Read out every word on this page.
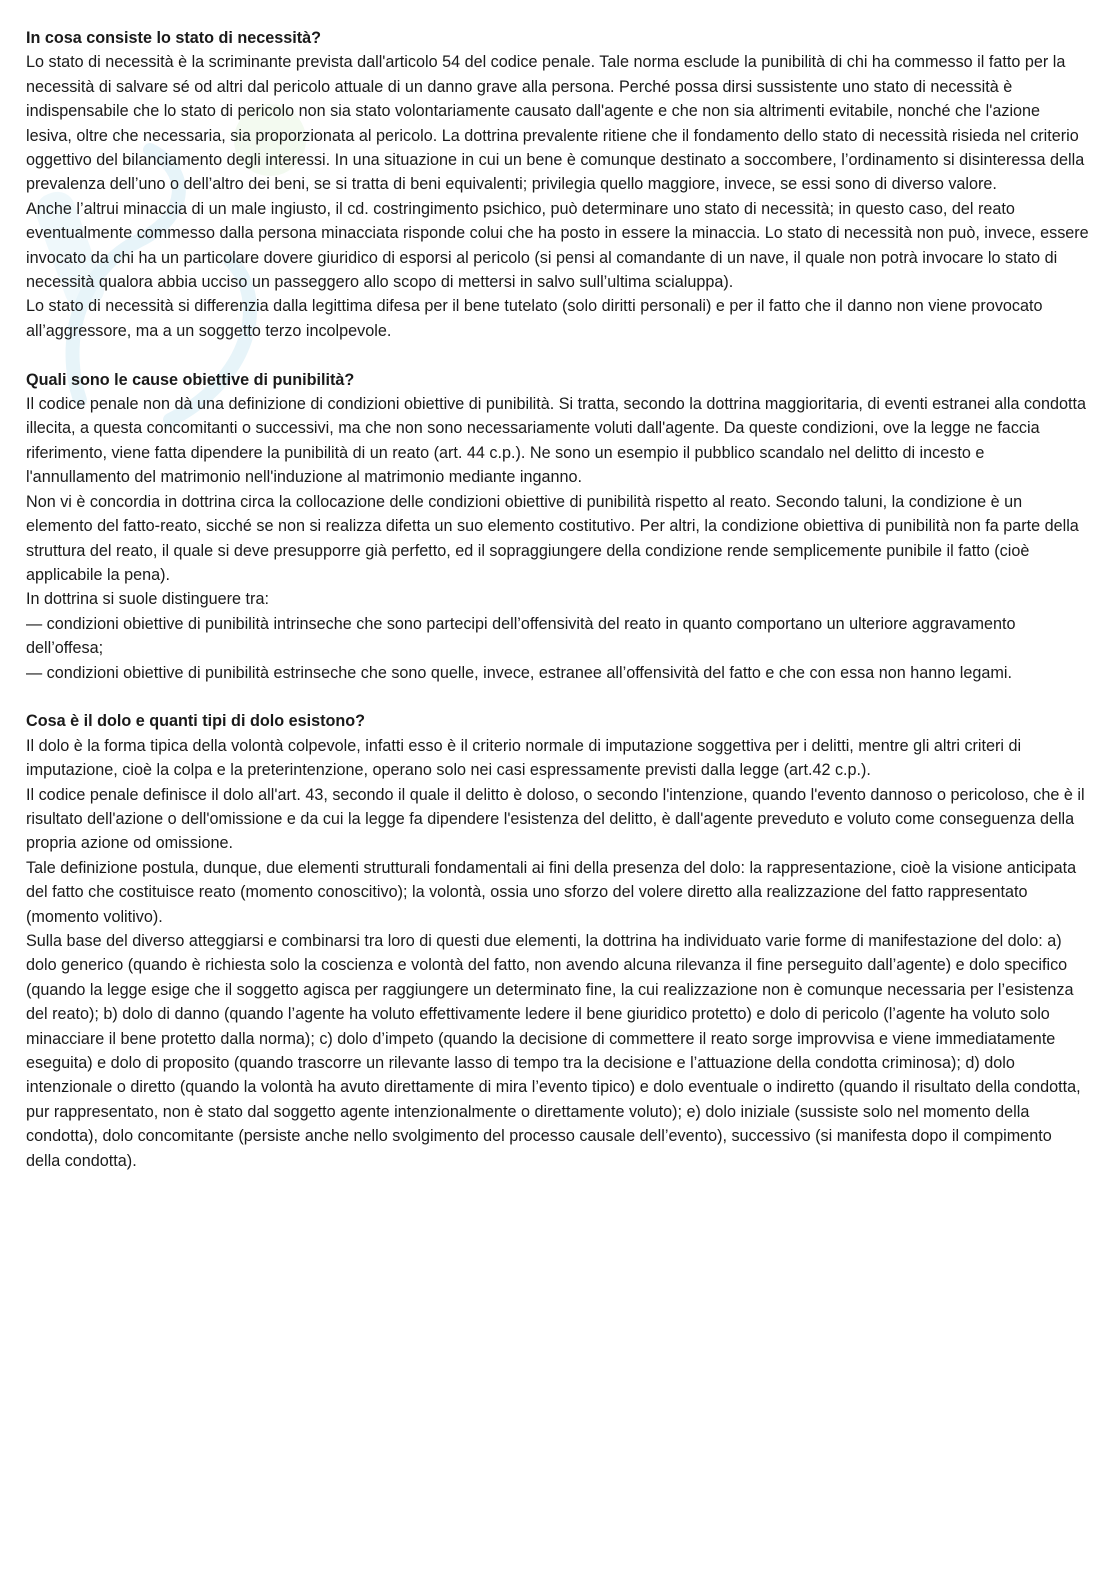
In cosa consiste lo stato di necessità?

Lo stato di necessità è la scriminante prevista dall'articolo 54 del codice penale. Tale norma esclude la punibilità di chi ha commesso il fatto per la necessità di salvare sé od altri dal pericolo attuale di un danno grave alla persona. Perché possa dirsi sussistente uno stato di necessità è indispensabile che lo stato di pericolo non sia stato volontariamente causato dall'agente e che non sia altrimenti evitabile, nonché che l'azione lesiva, oltre che necessaria, sia proporzionata al pericolo. La dottrina prevalente ritiene che il fondamento dello stato di necessità risieda nel criterio oggettivo del bilanciamento degli interessi. In una situazione in cui un bene è comunque destinato a soccombere, l’ordinamento si disinteressa della prevalenza dell’uno o dell’altro dei beni, se si tratta di beni equivalenti; privilegia quello maggiore, invece, se essi sono di diverso valore.

Anche l’altrui minaccia di un male ingiusto, il cd. costringimento psichico, può determinare uno stato di necessità; in questo caso, del reato eventualmente commesso dalla persona minacciata risponde colui che ha posto in essere la minaccia. Lo stato di necessità non può, invece, essere invocato da chi ha un particolare dovere giuridico di esporsi al pericolo (si pensi al comandante di un nave, il quale non potrà invocare lo stato di necessità qualora abbia ucciso un passeggero allo scopo di mettersi in salvo sull’ultima scialuppa).

Lo stato di necessità si differenzia dalla legittima difesa per il bene tutelato (solo diritti personali) e per il fatto che il danno non viene provocato all’aggressore, ma a un soggetto terzo incolpevole.

Quali sono le cause obiettive di punibilità?

Il codice penale non dà una definizione di condizioni obiettive di punibilità. Si tratta, secondo la dottrina maggioritaria, di eventi estranei alla condotta illecita, a questa concomitanti o successivi, ma che non sono necessariamente voluti dall'agente. Da queste condizioni, ove la legge ne faccia riferimento, viene fatta dipendere la punibilità di un reato (art. 44 c.p.). Ne sono un esempio il pubblico scandalo nel delitto di incesto e l'annullamento del matrimonio nell'induzione al matrimonio mediante inganno.

Non vi è concordia in dottrina circa la collocazione delle condizioni obiettive di punibilità rispetto al reato. Secondo taluni, la condizione è un elemento del fatto-reato, sicché se non si realizza difetta un suo elemento costitutivo. Per altri, la condizione obiettiva di punibilità non fa parte della struttura del reato, il quale si deve presupporre già perfetto, ed il sopraggiungere della condizione rende semplicemente punibile il fatto (cioè applicabile la pena).

In dottrina si suole distinguere tra:

— condizioni obiettive di punibilità intrinseche che sono partecipi dell’offensività del reato in quanto comportano un ulteriore aggravamento dell’offesa;

— condizioni obiettive di punibilità estrinseche che sono quelle, invece, estranee all’offensività del fatto e che con essa non hanno legami.

Cosa è il dolo e quanti tipi di dolo esistono?

Il dolo è la forma tipica della volontà colpevole, infatti esso è il criterio normale di imputazione soggettiva per i delitti, mentre gli altri criteri di imputazione, cioè la colpa e la preterintenzione, operano solo nei casi espressamente previsti dalla legge (art.42 c.p.).

Il codice penale definisce il dolo all'art. 43, secondo il quale il delitto è doloso, o secondo l'intenzione, quando l'evento dannoso o pericoloso, che è il risultato dell'azione o dell'omissione e da cui la legge fa dipendere l'esistenza del delitto, è dall'agente preveduto e voluto come conseguenza della propria azione od omissione.

Tale definizione postula, dunque, due elementi strutturali fondamentali ai fini della presenza del dolo: la rappresentazione, cioè la visione anticipata del fatto che costituisce reato (momento conoscitivo); la volontà, ossia uno sforzo del volere diretto alla realizzazione del fatto rappresentato (momento volitivo).

Sulla base del diverso atteggiarsi e combinarsi tra loro di questi due elementi, la dottrina ha individuato varie forme di manifestazione del dolo: a) dolo generico (quando è richiesta solo la coscienza e volontà del fatto, non avendo alcuna rilevanza il fine perseguito dall’agente) e dolo specifico (quando la legge esige che il soggetto agisca per raggiungere un determinato fine, la cui realizzazione non è comunque necessaria per l’esistenza del reato); b) dolo di danno (quando l’agente ha voluto effettivamente ledere il bene giuridico protetto) e dolo di pericolo (l’agente ha voluto solo minacciare il bene protetto dalla norma); c) dolo d’impeto (quando la decisione di commettere il reato sorge improvvisa e viene immediatamente eseguita) e dolo di proposito (quando trascorre un rilevante lasso di tempo tra la decisione e l’attuazione della condotta criminosa); d) dolo intenzionale o diretto (quando la volontà ha avuto direttamente di mira l’evento tipico) e dolo eventuale o indiretto (quando il risultato della condotta, pur rappresentato, non è stato dal soggetto agente intenzionalmente o direttamente voluto); e) dolo iniziale (sussiste solo nel momento della condotta), dolo concomitante (persiste anche nello svolgimento del processo causale dell’evento), successivo (si manifesta dopo il compimento della condotta).
